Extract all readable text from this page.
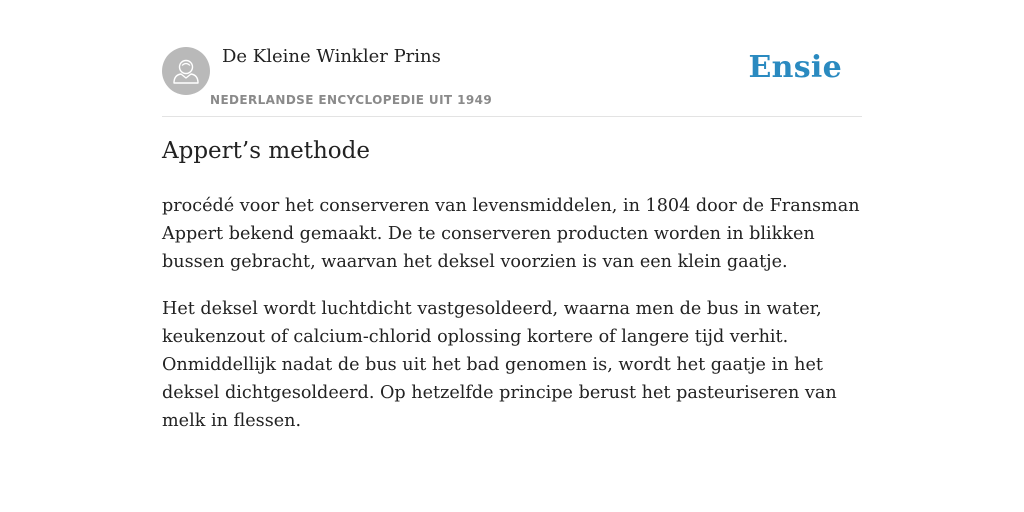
De Kleine Winkler Prins
NEDERLANDSE ENCYCLOPEDIE UIT 1949
Ensie
Appert’s methode

procédé voor het conserveren van levensmiddelen, in 1804 door de Fransman Appert bekend gemaakt. De te conserveren producten worden in blikken bussen gebracht, waarvan het deksel voorzien is van een klein gaatje.

Het deksel wordt luchtdicht vastgesoldeerd, waarna men de bus in water, keukenzout of calcium-chlorid oplossing kortere of langere tijd verhit. Onmiddellijk nadat de bus uit het bad genomen is, wordt het gaatje in het deksel dichtgesoldeerd. Op hetzelfde principe berust het pasteuriseren van melk in flessen.
